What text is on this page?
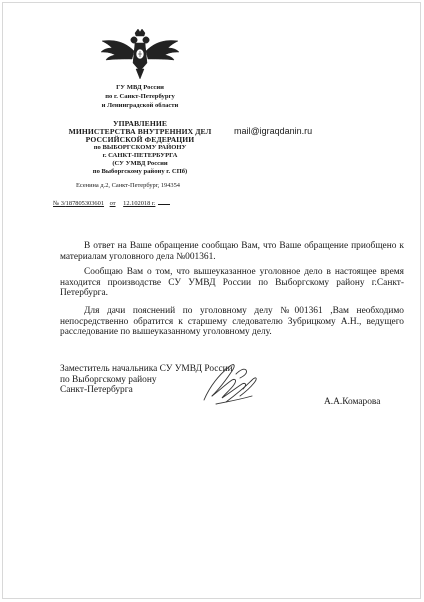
ГУ МВД России
по г. Санкт-Петербургу
и Ленинградской области
УПРАВЛЕНИЕ
МИНИСТЕРСТВА ВНУТРЕННИХ ДЕЛ
РОССИЙСКОЙ ФЕДЕРАЦИИ
по ВЫБОРГСКОМУ РАЙОНУ
г. САНКТ-ПЕТЕРБУРГА
(СУ УМВД России
по Выборгскому району г. СПб)
mail@igraqdanin.ru
Есенина д.2, Санкт-Петербург, 194354
№ 3/187805303601 от 12.102018 г.

В ответ на Ваше обращение сообщаю Вам, что Ваше обращение приобщено к материалам уголовного дела №001361.

Сообщаю Вам о том, что вышеуказанное уголовное дело в настоящее время находится производстве СУ УМВД России по Выборгскому району г.Санкт-Петербурга.

Для дачи пояснений по уголовному делу №001361 ,Вам необходимо непосредственно обратится к старшему следователю Зубрицкому А.Н., ведущего расследование по вышеуказанному уголовному делу.

Заместитель начальника СУ УМВД России
по Выборгскому району
Санкт-Петербурга
А.А.Комарова
